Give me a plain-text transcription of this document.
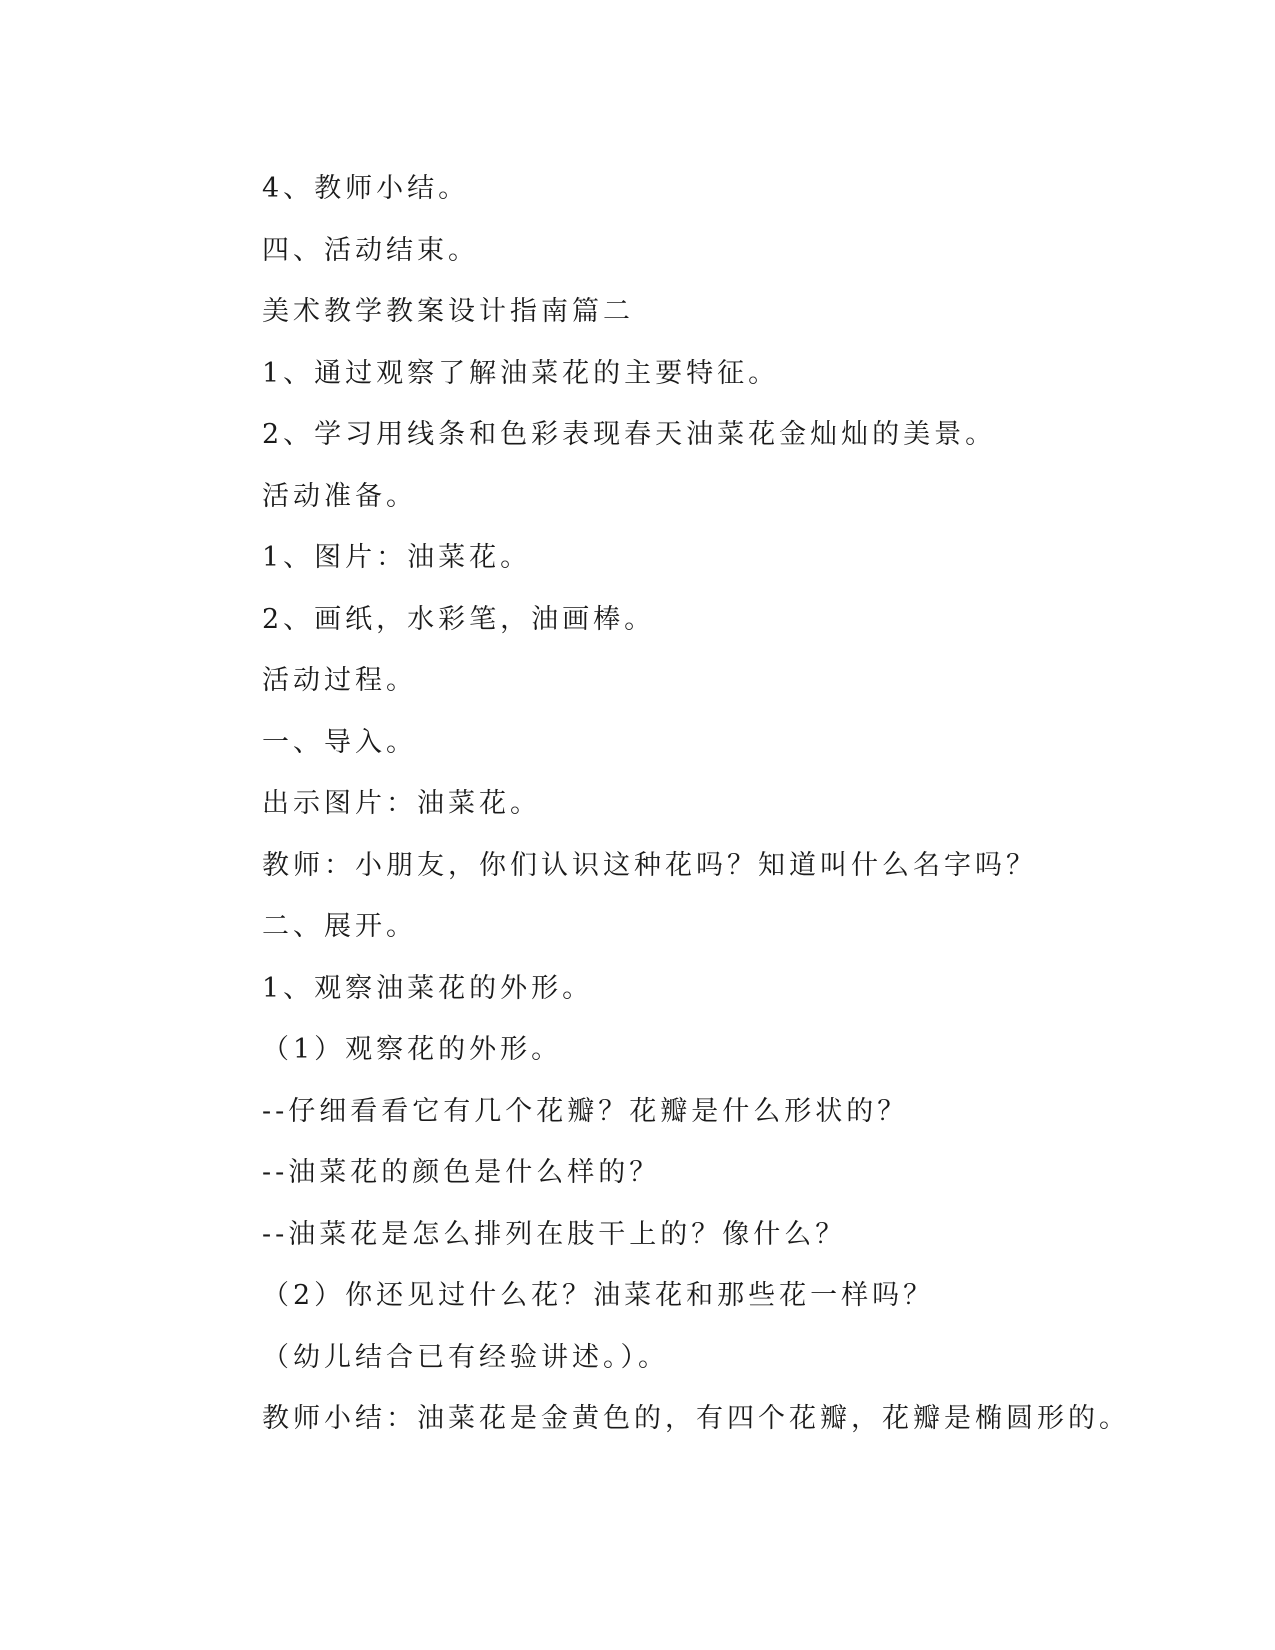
4、教师小结。
四、活动结束。
美术教学教案设计指南篇二
1、通过观察了解油菜花的主要特征。
2、学习用线条和色彩表现春天油菜花金灿灿的美景。
活动准备。
1、图片：油菜花。
2、画纸，水彩笔，油画棒。
活动过程。
一、导入。
出示图片：油菜花。
教师：小朋友，你们认识这种花吗？知道叫什么名字吗？
二、展开。
1、观察油菜花的外形。
（1）观察花的外形。
--仔细看看它有几个花瓣？花瓣是什么形状的？
--油菜花的颜色是什么样的？
--油菜花是怎么排列在肢干上的？像什么？
（2）你还见过什么花？油菜花和那些花一样吗？
（幼儿结合已有经验讲述。）。
教师小结：油菜花是金黄色的，有四个花瓣，花瓣是椭圆形的。
